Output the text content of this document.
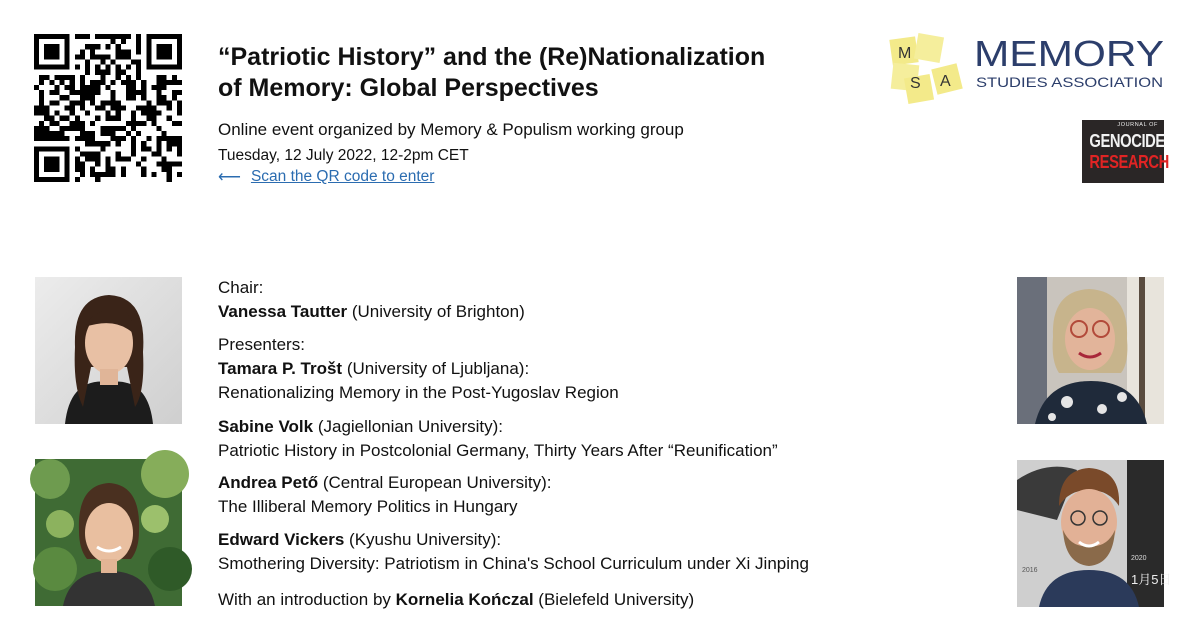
“Patriotic History” and the (Re)Nationalization
of Memory: Global Perspectives
Online event organized by Memory & Populism working group
Tuesday, 12 July 2022, 12-2pm CET
⟵ Scan the QR code to enter
M
S A
MEMORY
STUDIES ASSOCIATION
JOURNAL OF
GENOCIDE
RESEARCH
2016
2020
1月5日
Chair:
Vanessa Tautter (University of Brighton)
Presenters:
Tamara P. Trošt (University of Ljubljana):
Renationalizing Memory in the Post-Yugoslav Region
Sabine Volk (Jagiellonian University):
Patriotic History in Postcolonial Germany, Thirty Years After “Reunification”
Andrea Pető (Central European University):
The Illiberal Memory Politics in Hungary
Edward Vickers (Kyushu University):
Smothering Diversity: Patriotism in China's School Curriculum under Xi Jinping
With an introduction by Kornelia Kończal (Bielefeld University)
